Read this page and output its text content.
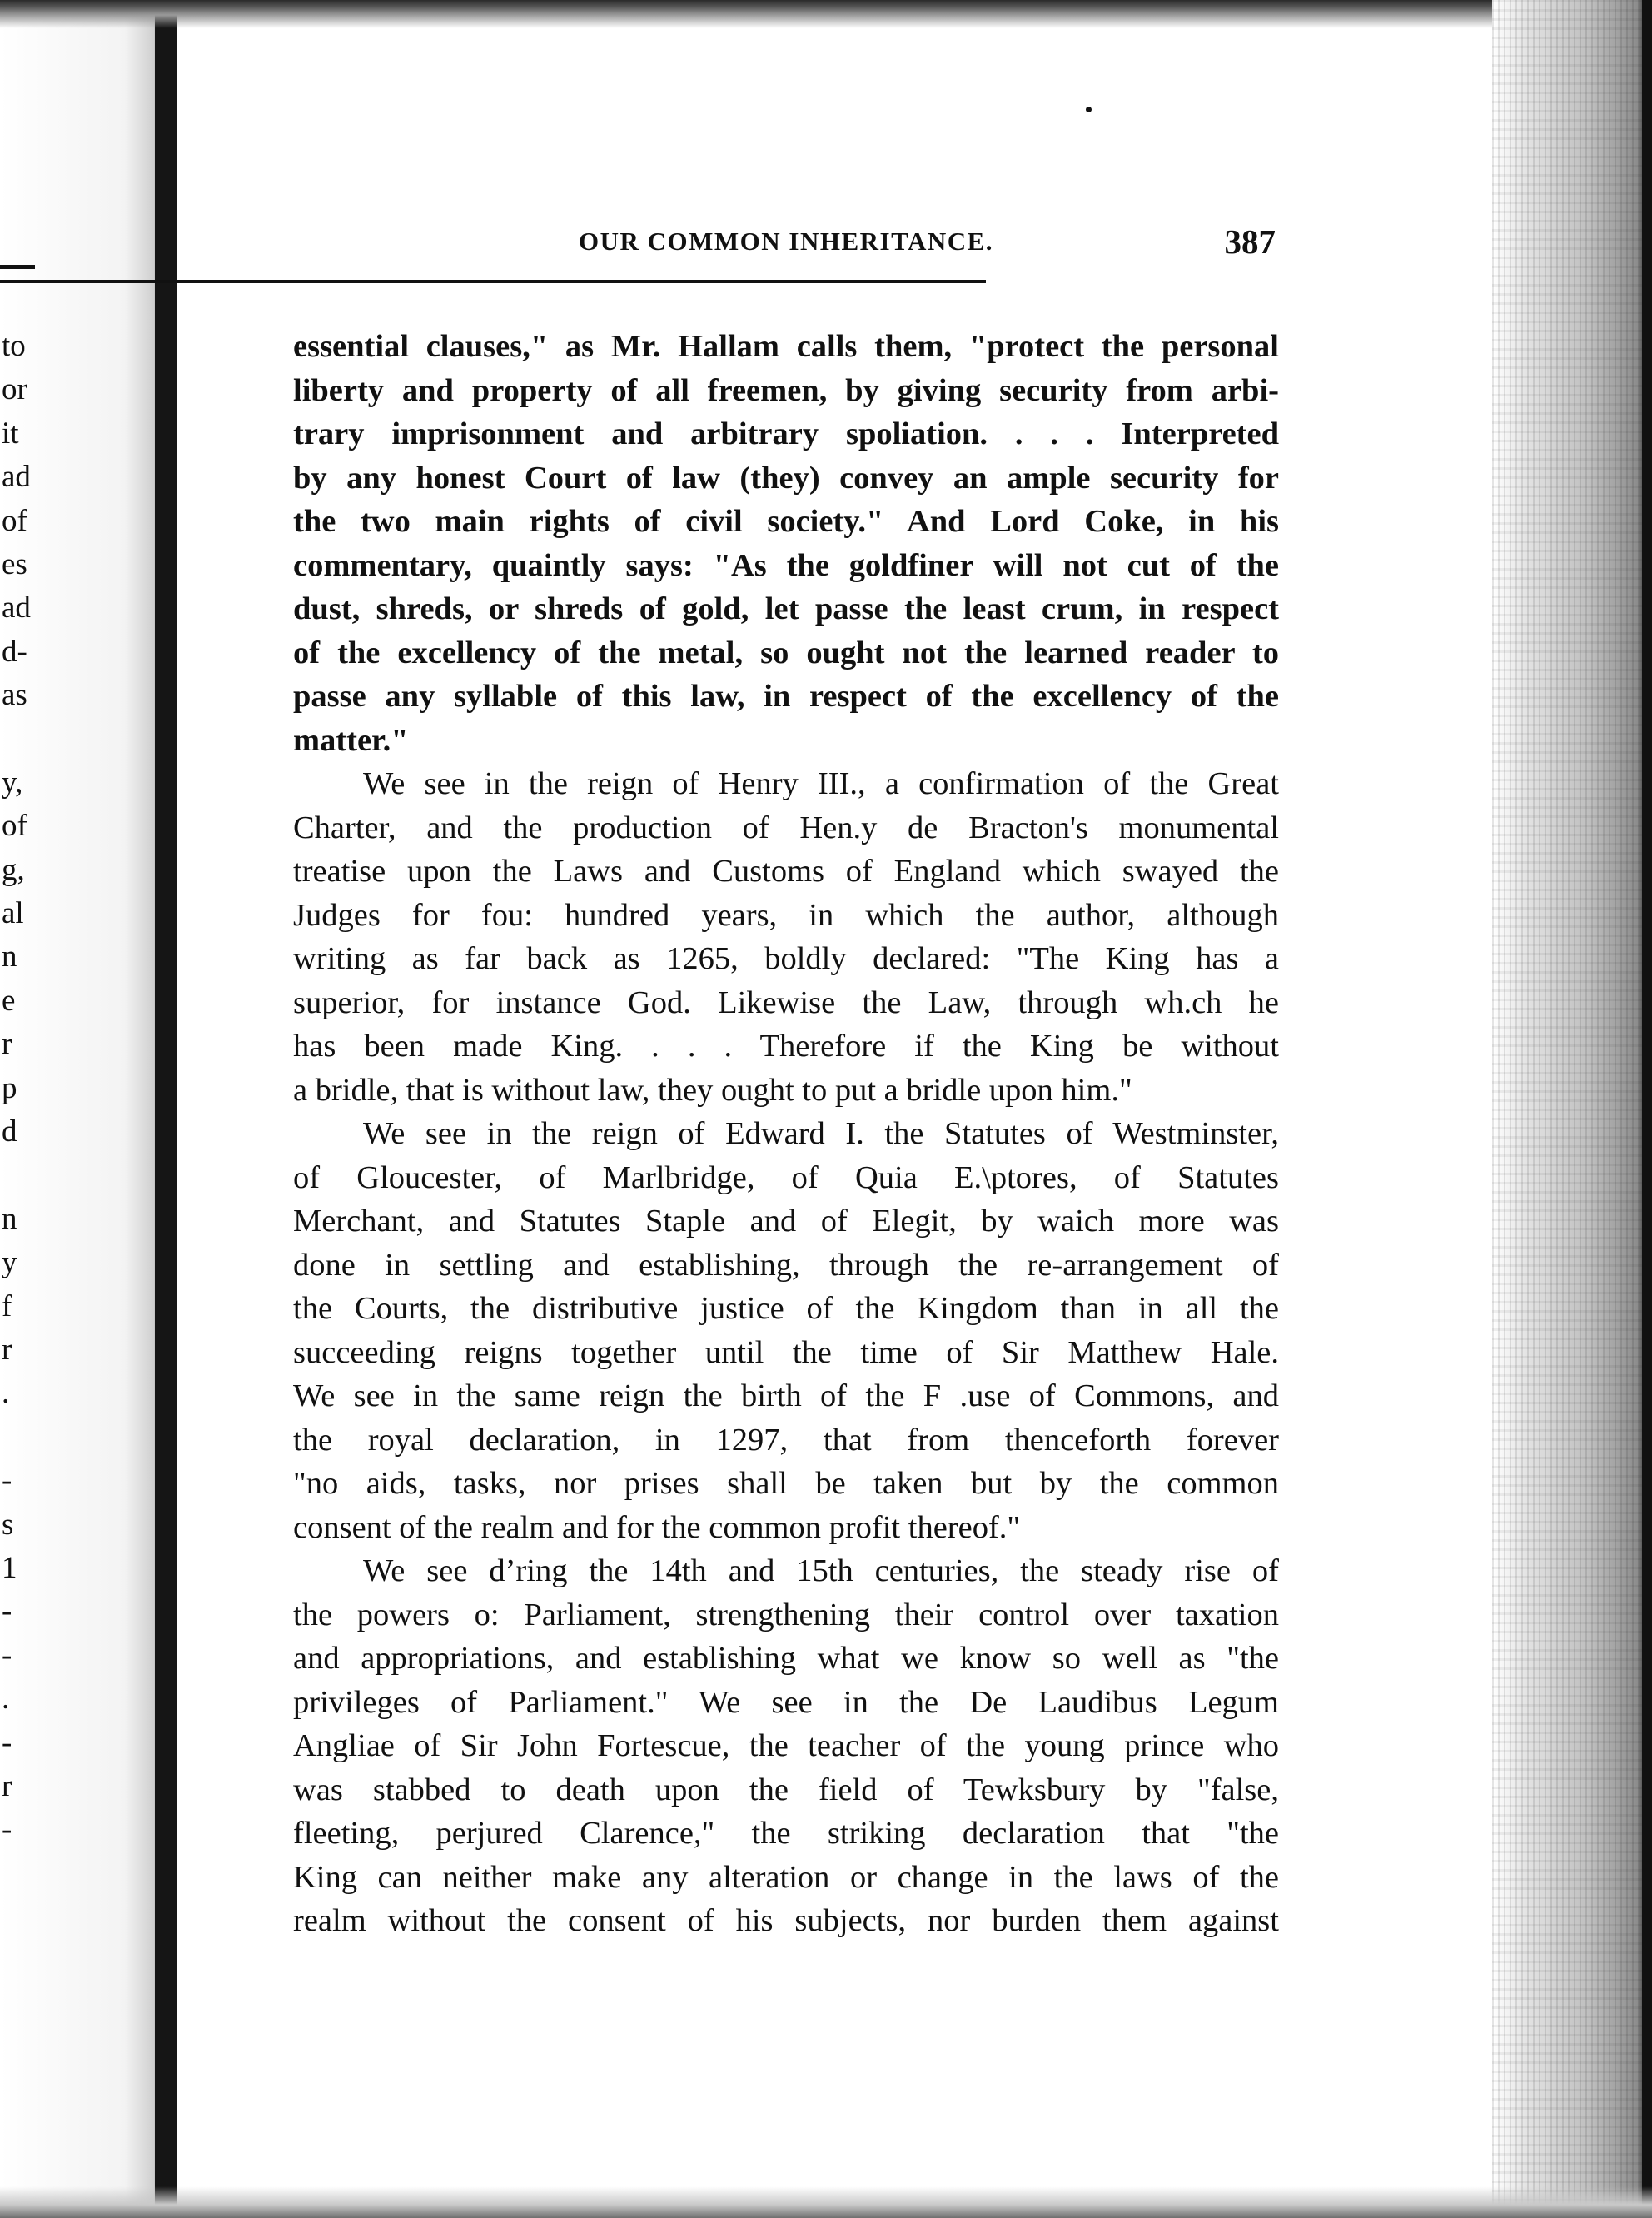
to
or
it
ad
of
es
ad
d-
as
y,
of
g,
al
n
e
r
p
d
n
y
f
r
.
-
s
1
-
-
.
-
r
-
OUR COMMON INHERITANCE.	387
essential clauses," as Mr. Hallam calls them, "protect the personal
liberty and property of all freemen, by giving security from arbi-
trary imprisonment and arbitrary spoliation. . . . Interpreted
by any honest Court of law (they) convey an ample security for
the two main rights of civil society." And Lord Coke, in his
commentary, quaintly says: "As the goldfiner will not cut of the
dust, shreds, or shreds of gold, let passe the least crum, in respect
of the excellency of the metal, so ought not the learned reader to
passe any syllable of this law, in respect of the excellency of the
matter."
We see in the reign of Henry III., a confirmation of the Great
Charter, and the production of Hen.y de Bracton's monumental
treatise upon the Laws and Customs of England which swayed the
Judges for fou: hundred years, in which the author, although
writing as far back as 1265, boldly declared: "The King has a
superior, for instance God. Likewise the Law, through wh.ch he
has been made King. . . . Therefore if the King be without
a bridle, that is without law, they ought to put a bridle upon him."
We see in the reign of Edward I. the Statutes of Westminster,
of Gloucester, of Marlbridge, of Quia E.\ptores, of Statutes
Merchant, and Statutes Staple and of Elegit, by waich more was
done in settling and establishing, through the re-arrangement of
the Courts, the distributive justice of the Kingdom than in all the
succeeding reigns together until the time of Sir Matthew Hale.
We see in the same reign the birth of the F .use of Commons, and
the royal declaration, in 1297, that from thenceforth forever
"no aids, tasks, nor prises shall be taken but by the common
consent of the realm and for the common profit thereof."
We see d’ring the 14th and 15th centuries, the steady rise of
the powers o: Parliament, strengthening their control over taxation
and appropriations, and establishing what we know so well as "the
privileges of Parliament." We see in the De Laudibus Legum
Angliae of Sir John Fortescue, the teacher of the young prince who
was stabbed to death upon the field of Tewksbury by "false,
fleeting, perjured Clarence," the striking declaration that "the
King can neither make any alteration or change in the laws of the
realm without the consent of his subjects, nor burden them against
